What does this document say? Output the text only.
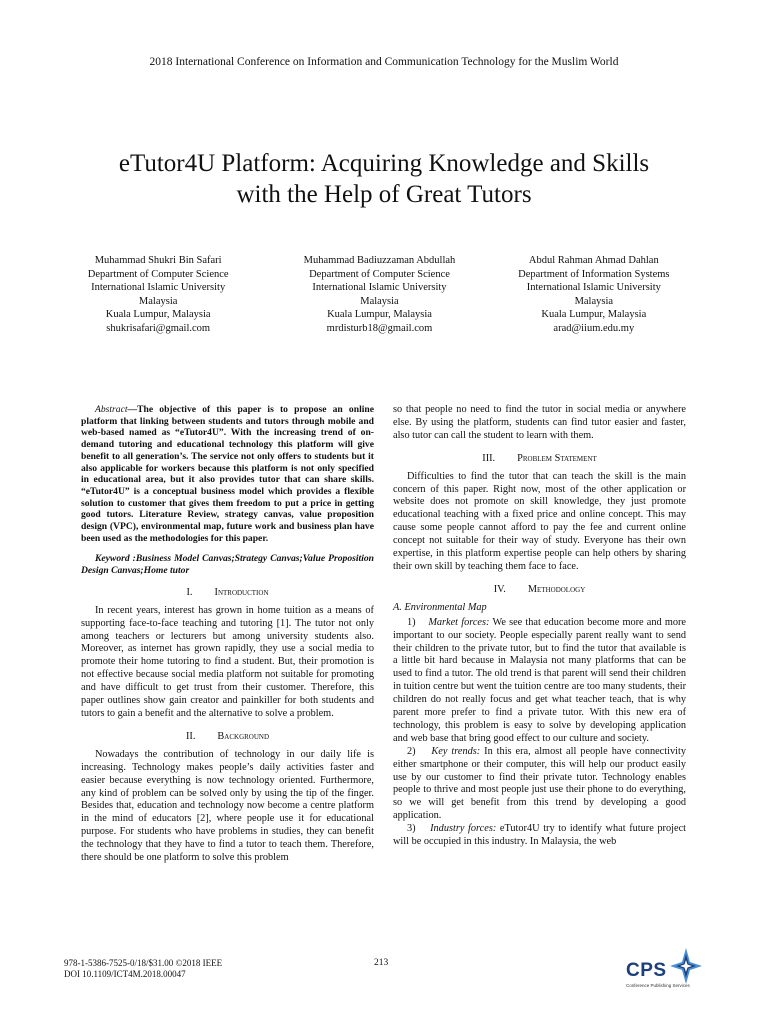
2018 International Conference on Information and Communication Technology for the Muslim World
eTutor4U Platform: Acquiring Knowledge and Skills
with the Help of Great Tutors
Muhammad Shukri Bin Safari
Department of Computer Science
International Islamic University
Malaysia
Kuala Lumpur, Malaysia
shukrisafari@gmail.com
Muhammad Badiuzzaman Abdullah
Department of Computer Science
International Islamic University
Malaysia
Kuala Lumpur, Malaysia
mrdisturb18@gmail.com
Abdul Rahman Ahmad Dahlan
Department of Information Systems
International Islamic University
Malaysia
Kuala Lumpur, Malaysia
arad@iium.edu.my

Abstract—The objective of this paper is to propose an online platform that linking between students and tutors through mobile and web-based named as “eTutor4U”. With the increasing trend of on-demand tutoring and educational technology this platform will give benefit to all generation’s. The service not only offers to students but it also applicable for workers because this platform is not only specified in educational area, but it also provides tutor that can share skills. “eTutor4U” is a conceptual business model which provides a flexible solution to customer that gives them freedom to put a price in getting good tutors. Literature Review, strategy canvas, value proposition design (VPC), environmental map, future work and business plan have been used as the methodologies for this paper.

Keyword :Business Model Canvas;Strategy Canvas;Value Proposition Design Canvas;Home tutor

I. Introduction

In recent years, interest has grown in home tuition as a means of supporting face-to-face teaching and tutoring [1]. The tutor not only among teachers or lecturers but among university students also. Moreover, as internet has grown rapidly, they use a social media to promote their home tutoring to find a student. But, their promotion is not effective because social media platform not suitable for promoting and have difficult to get trust from their customer. Therefore, this paper outlines show gain creator and painkiller for both students and tutors to gain a benefit and the alternative to solve a problem.

II. Background

Nowadays the contribution of technology in our daily life is increasing. Technology makes people’s daily activities faster and easier because everything is now technology oriented. Furthermore, any kind of problem can be solved only by using the tip of the finger. Besides that, education and technology now become a centre platform in the mind of educators [2], where people use it for educational purpose. For students who have problems in studies, they can benefit the technology that they have to find a tutor to teach them. Therefore, there should be one platform to solve this problem

so that people no need to find the tutor in social media or anywhere else. By using the platform, students can find tutor easier and faster, also tutor can call the student to learn with them.

III. Problem Statement

Difficulties to find the tutor that can teach the skill is the main concern of this paper. Right now, most of the other application or website does not promote on skill knowledge, they just promote educational teaching with a fixed price and online concept. This may cause some people cannot afford to pay the fee and current online concept not suitable for their way of study. Everyone has their own expertise, in this platform expertise people can help others by sharing their own skill by teaching them face to face.

IV. Methodology
A. Environmental Map

1) Market forces: We see that education become more and more important to our society. People especially parent really want to send their children to the private tutor, but to find the tutor that available is a little bit hard because in Malaysia not many platforms that can be used to find a tutor. The old trend is that parent will send their children in tuition centre but went the tuition centre are too many students, their children do not really focus and get what teacher teach, that is why parent more prefer to find a private tutor. With this new era of technology, this problem is easy to solve by developing application and web base that bring good effect to our culture and society.

2) Key trends: In this era, almost all people have connectivity either smartphone or their computer, this will help our product easily use by our customer to find their private tutor. Technology enables people to thrive and most people just use their phone to do everything, so we will get benefit from this trend by developing a good application.

3) Industry forces: eTutor4U try to identify what future project will be occupied in this industry. In Malaysia, the web

978-1-5386-7525-0/18/$31.00 ©2018 IEEE
DOI 10.1109/ICT4M.2018.00047
213	CPS
Conference Publishing Services
